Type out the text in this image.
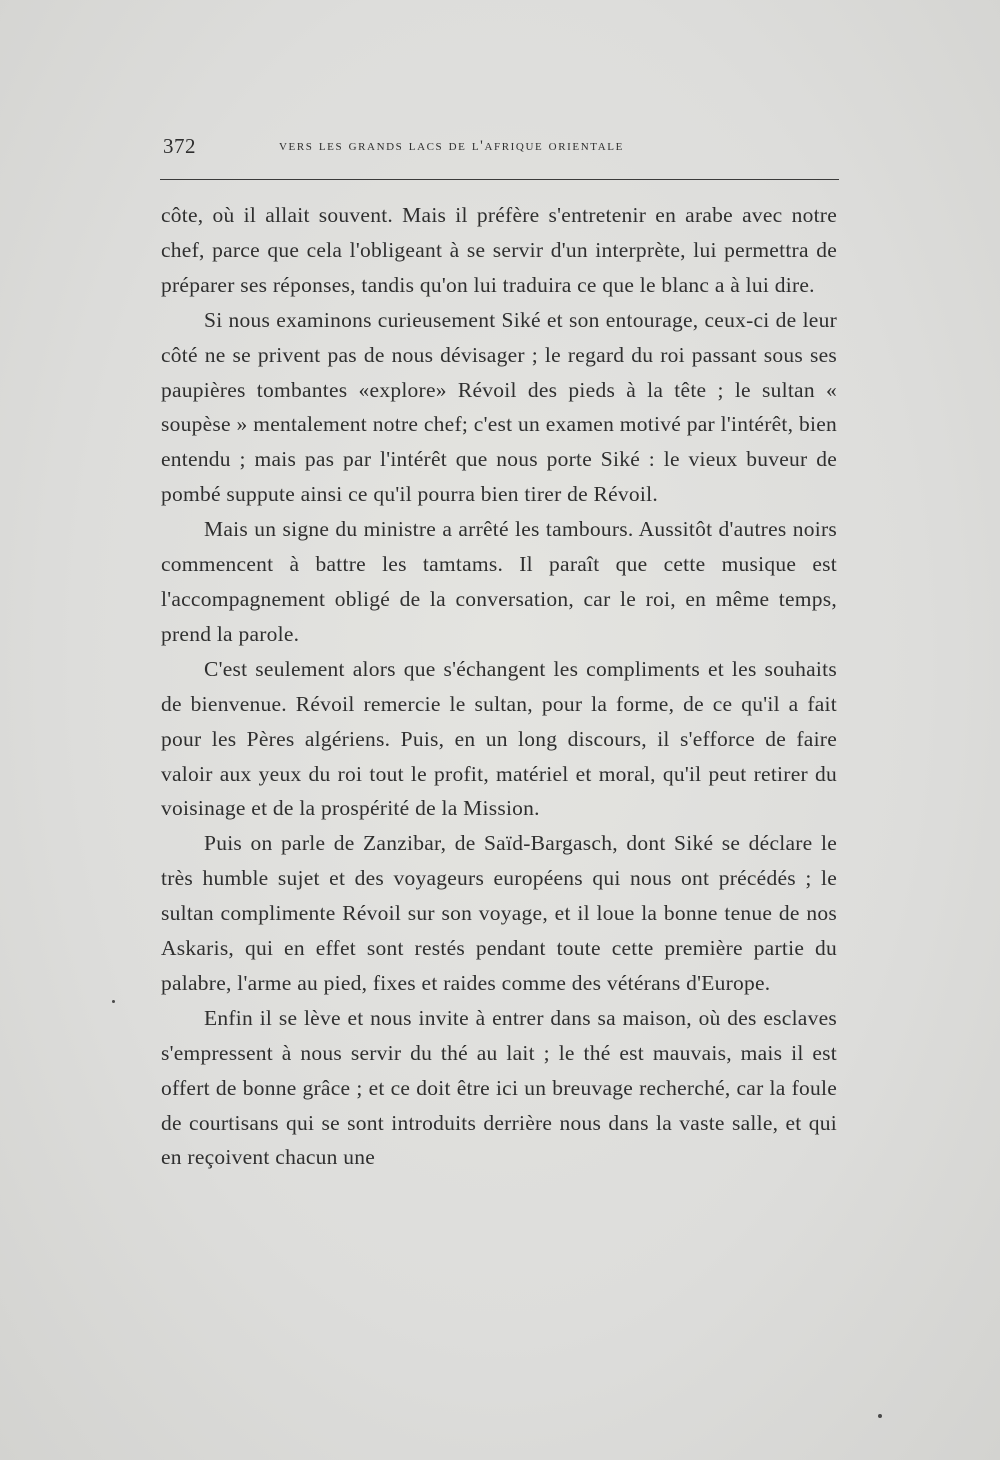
372	vers les grands lacs de l'afrique orientale

côte, où il allait souvent. Mais il préfère s'entretenir en arabe avec notre chef, parce que cela l'obligeant à se servir d'un interprète, lui permettra de préparer ses réponses, tandis qu'on lui traduira ce que le blanc a à lui dire.

Si nous examinons curieusement Siké et son entourage, ceux-ci de leur côté ne se privent pas de nous dévisager ; le regard du roi passant sous ses paupières tombantes «explore» Révoil des pieds à la tête ; le sultan « soupèse » mentalement notre chef; c'est un examen motivé par l'intérêt, bien entendu ; mais pas par l'intérêt que nous porte Siké : le vieux buveur de pombé suppute ainsi ce qu'il pourra bien tirer de Révoil.

Mais un signe du ministre a arrêté les tambours. Aussitôt d'autres noirs commencent à battre les tamtams. Il paraît que cette musique est l'accompagnement obligé de la conversation, car le roi, en même temps, prend la parole.

C'est seulement alors que s'échangent les compliments et les souhaits de bienvenue. Révoil remercie le sultan, pour la forme, de ce qu'il a fait pour les Pères algériens. Puis, en un long discours, il s'efforce de faire valoir aux yeux du roi tout le profit, matériel et moral, qu'il peut retirer du voisinage et de la prospérité de la Mission.

Puis on parle de Zanzibar, de Saïd-Bargasch, dont Siké se déclare le très humble sujet et des voyageurs européens qui nous ont précédés ; le sultan complimente Révoil sur son voyage, et il loue la bonne tenue de nos Askaris, qui en effet sont restés pendant toute cette première partie du palabre, l'arme au pied, fixes et raides comme des vétérans d'Europe.

Enfin il se lève et nous invite à entrer dans sa maison, où des esclaves s'empressent à nous servir du thé au lait ; le thé est mauvais, mais il est offert de bonne grâce ; et ce doit être ici un breuvage recherché, car la foule de courtisans qui se sont introduits derrière nous dans la vaste salle, et qui en reçoivent chacun une
